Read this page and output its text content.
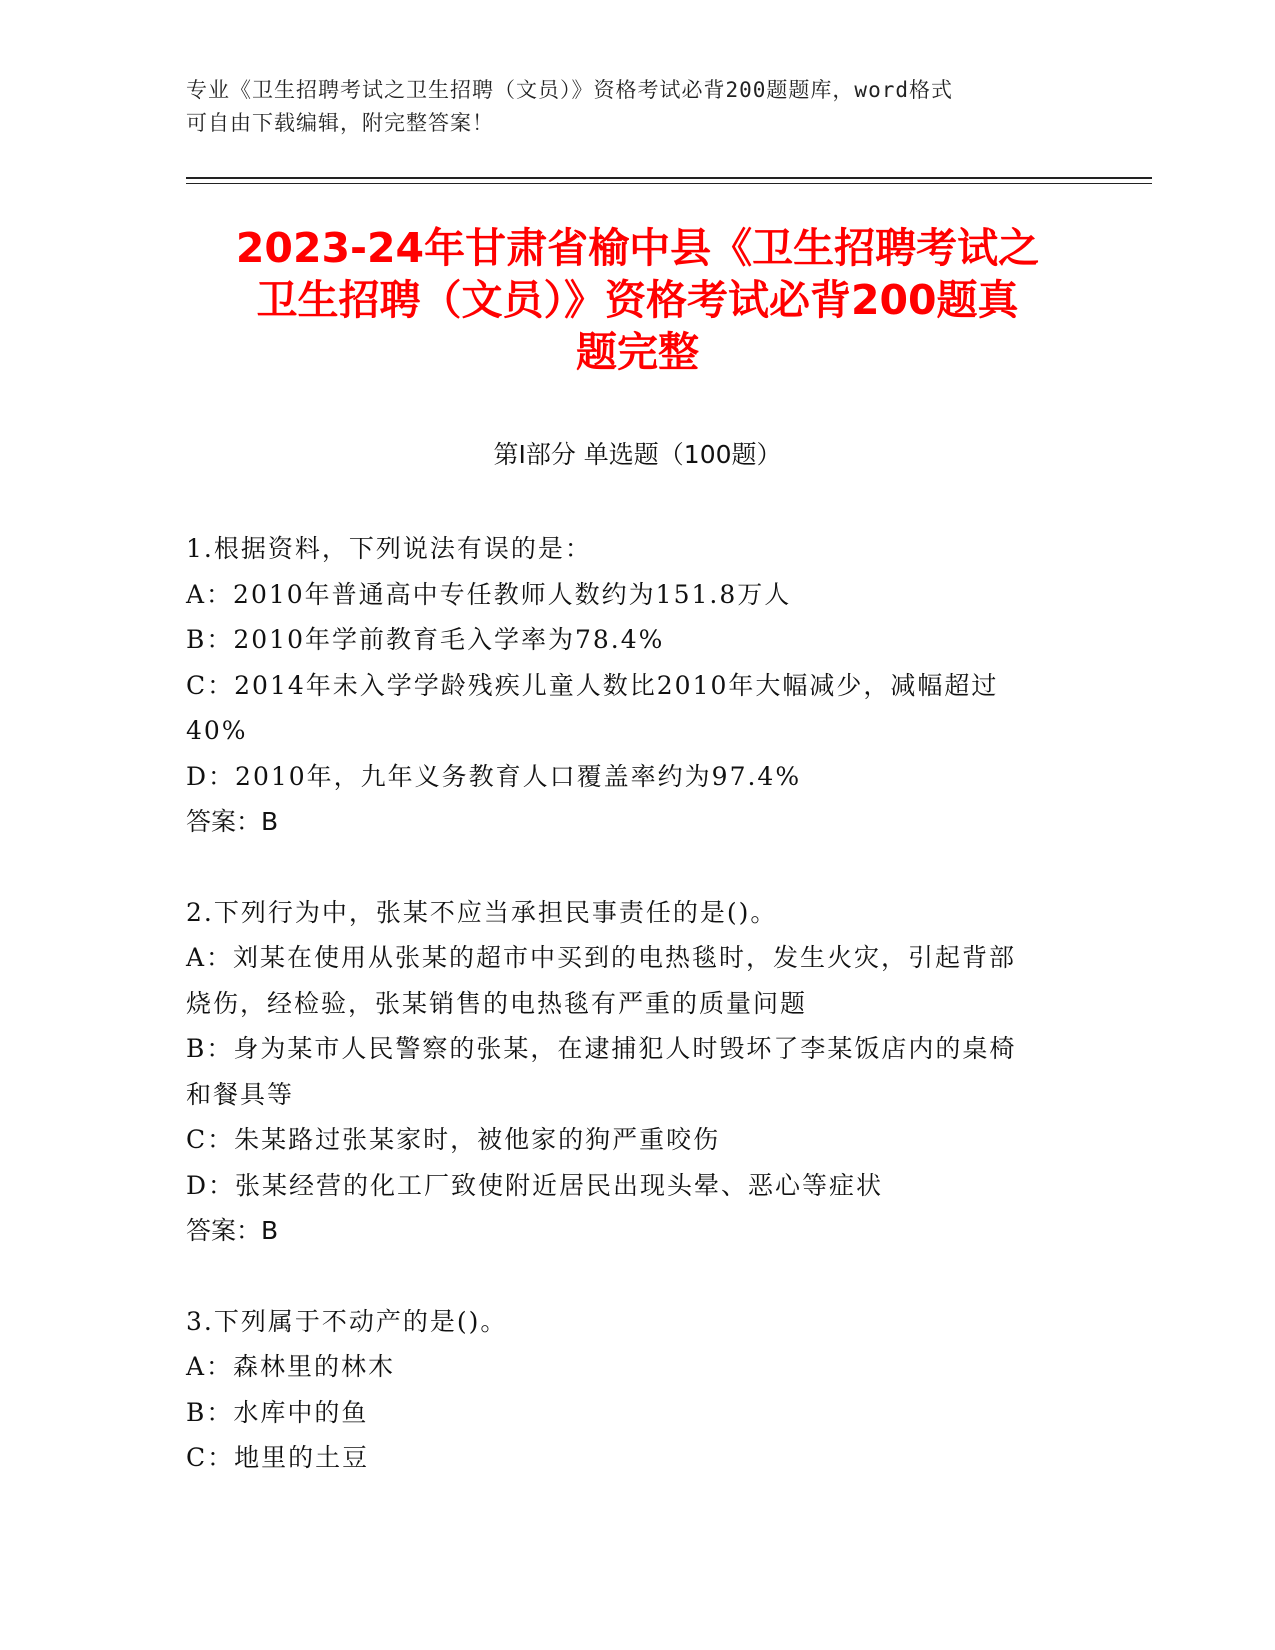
专业《卫生招聘考试之卫生招聘（文员）》资格考试必背200题题库，word格式
可自由下载编辑，附完整答案！
2023-24年甘肃省榆中县《卫生招聘考试之
卫生招聘（文员）》资格考试必背200题真
题完整
第Ⅰ部分 单选题（100题）
1.根据资料，下列说法有误的是：
A：2010年普通高中专任教师人数约为151.8万人
B：2010年学前教育毛入学率为78.4%
C：2014年未入学学龄残疾儿童人数比2010年大幅减少，减幅超过
40%
D：2010年，九年义务教育人口覆盖率约为97.4%
答案：B
2.下列行为中，张某不应当承担民事责任的是()。
A：刘某在使用从张某的超市中买到的电热毯时，发生火灾，引起背部
烧伤，经检验，张某销售的电热毯有严重的质量问题
B：身为某市人民警察的张某，在逮捕犯人时毁坏了李某饭店内的桌椅
和餐具等
C：朱某路过张某家时，被他家的狗严重咬伤
D：张某经营的化工厂致使附近居民出现头晕、恶心等症状
答案：B
3.下列属于不动产的是()。
A：森林里的林木
B：水库中的鱼
C：地里的土豆
